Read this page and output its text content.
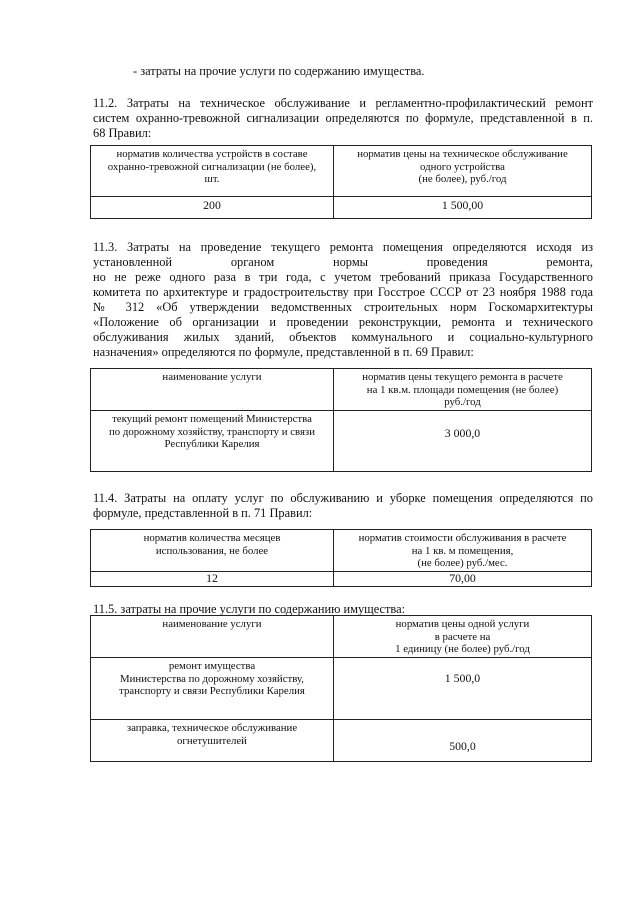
- затраты на прочие услуги по содержанию имущества.
11.2. Затраты на техническое обслуживание и регламентно-профилактический ремонт
систем охранно-тревожной сигнализации определяются по формуле, представленной в п.
68 Правил:
норматив количества устройств в составе
охранно-тревожной сигнализации (не более),
шт.	норматив цены на техническое обслуживание
одного устройства
(не более), руб./год

200	1 500,00
11.3. Затраты на проведение текущего ремонта помещения определяются исходя из
установленной	органом	нормы	проведения	ремонта,
но не реже одного раза в три года, с учетом требований приказа Государственного
комитета по архитектуре и градостроительству при Госстрое СССР от 23 ноября 1988 года
№ 312 «Об утверждении ведомственных строительных норм Госкомархитектуры
«Положение об организации и проведении реконструкции, ремонта и технического
обслуживания жилых зданий, объектов коммунального и социально-культурного
назначения» определяются по формуле, представленной в п. 69 Правил:
наименование услуги	норматив цены текущего ремонта в расчете
на 1 кв.м. площади помещения (не более)
руб./год

текущий ремонт помещений Министерства
по дорожному хозяйству, транспорту и связи
Республики Карелия	3 000,0
11.4. Затраты на оплату услуг по обслуживанию и уборке помещения определяются по
формуле, представленной в п. 71 Правил:
норматив количества месяцев
использования, не более	норматив стоимости обслуживания в расчете
на 1 кв. м помещения,
(не более) руб./мес.

12	70,00
11.5. затраты на прочие услуги по содержанию имущества:
наименование услуги	норматив цены одной услуги
в расчете на
1 единицу (не более) руб./год

ремонт имущества
Министерства по дорожному хозяйству,
транспорту и связи Республики Карелия	1 500,0

заправка, техническое обслуживание
огнетушителей	500,0
